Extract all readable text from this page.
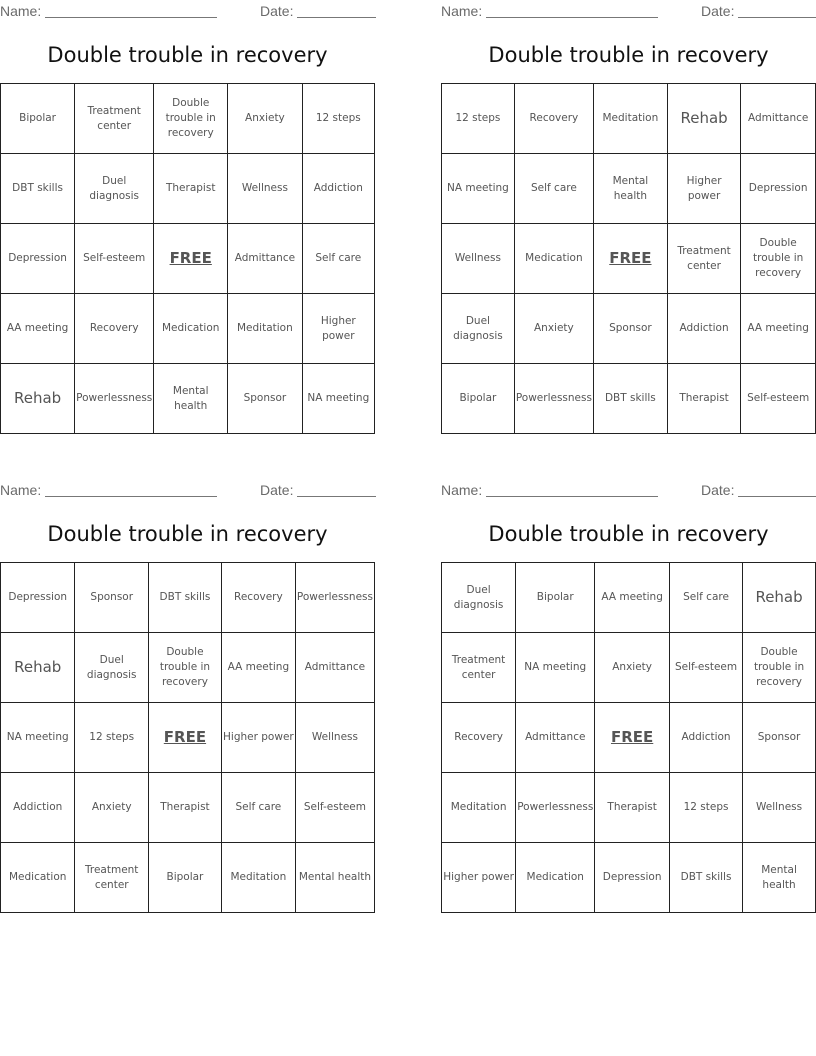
Name:	Date:
Double trouble in recovery
Bipolar	Treatment center	Double trouble in recovery	Anxiety	12 steps
DBT skills	Duel diagnosis	Therapist	Wellness	Addiction
Depression	Self-esteem	FREE	Admittance	Self care
AA meeting	Recovery	Medication	Meditation	Higher power
Rehab	Powerlessness	Mental health	Sponsor	NA meeting
Name:	Date:
Double trouble in recovery
12 steps	Recovery	Meditation	Rehab	Admittance
NA meeting	Self care	Mental health	Higher power	Depression
Wellness	Medication	FREE	Treatment center	Double trouble in recovery
Duel diagnosis	Anxiety	Sponsor	Addiction	AA meeting
Bipolar	Powerlessness	DBT skills	Therapist	Self-esteem
Name:	Date:
Double trouble in recovery
Depression	Sponsor	DBT skills	Recovery	Powerlessness
Rehab	Duel diagnosis	Double trouble in recovery	AA meeting	Admittance
NA meeting	12 steps	FREE	Higher power	Wellness
Addiction	Anxiety	Therapist	Self care	Self-esteem
Medication	Treatment center	Bipolar	Meditation	Mental health
Name:	Date:
Double trouble in recovery
Duel diagnosis	Bipolar	AA meeting	Self care	Rehab
Treatment center	NA meeting	Anxiety	Self-esteem	Double trouble in recovery
Recovery	Admittance	FREE	Addiction	Sponsor
Meditation	Powerlessness	Therapist	12 steps	Wellness
Higher power	Medication	Depression	DBT skills	Mental health
